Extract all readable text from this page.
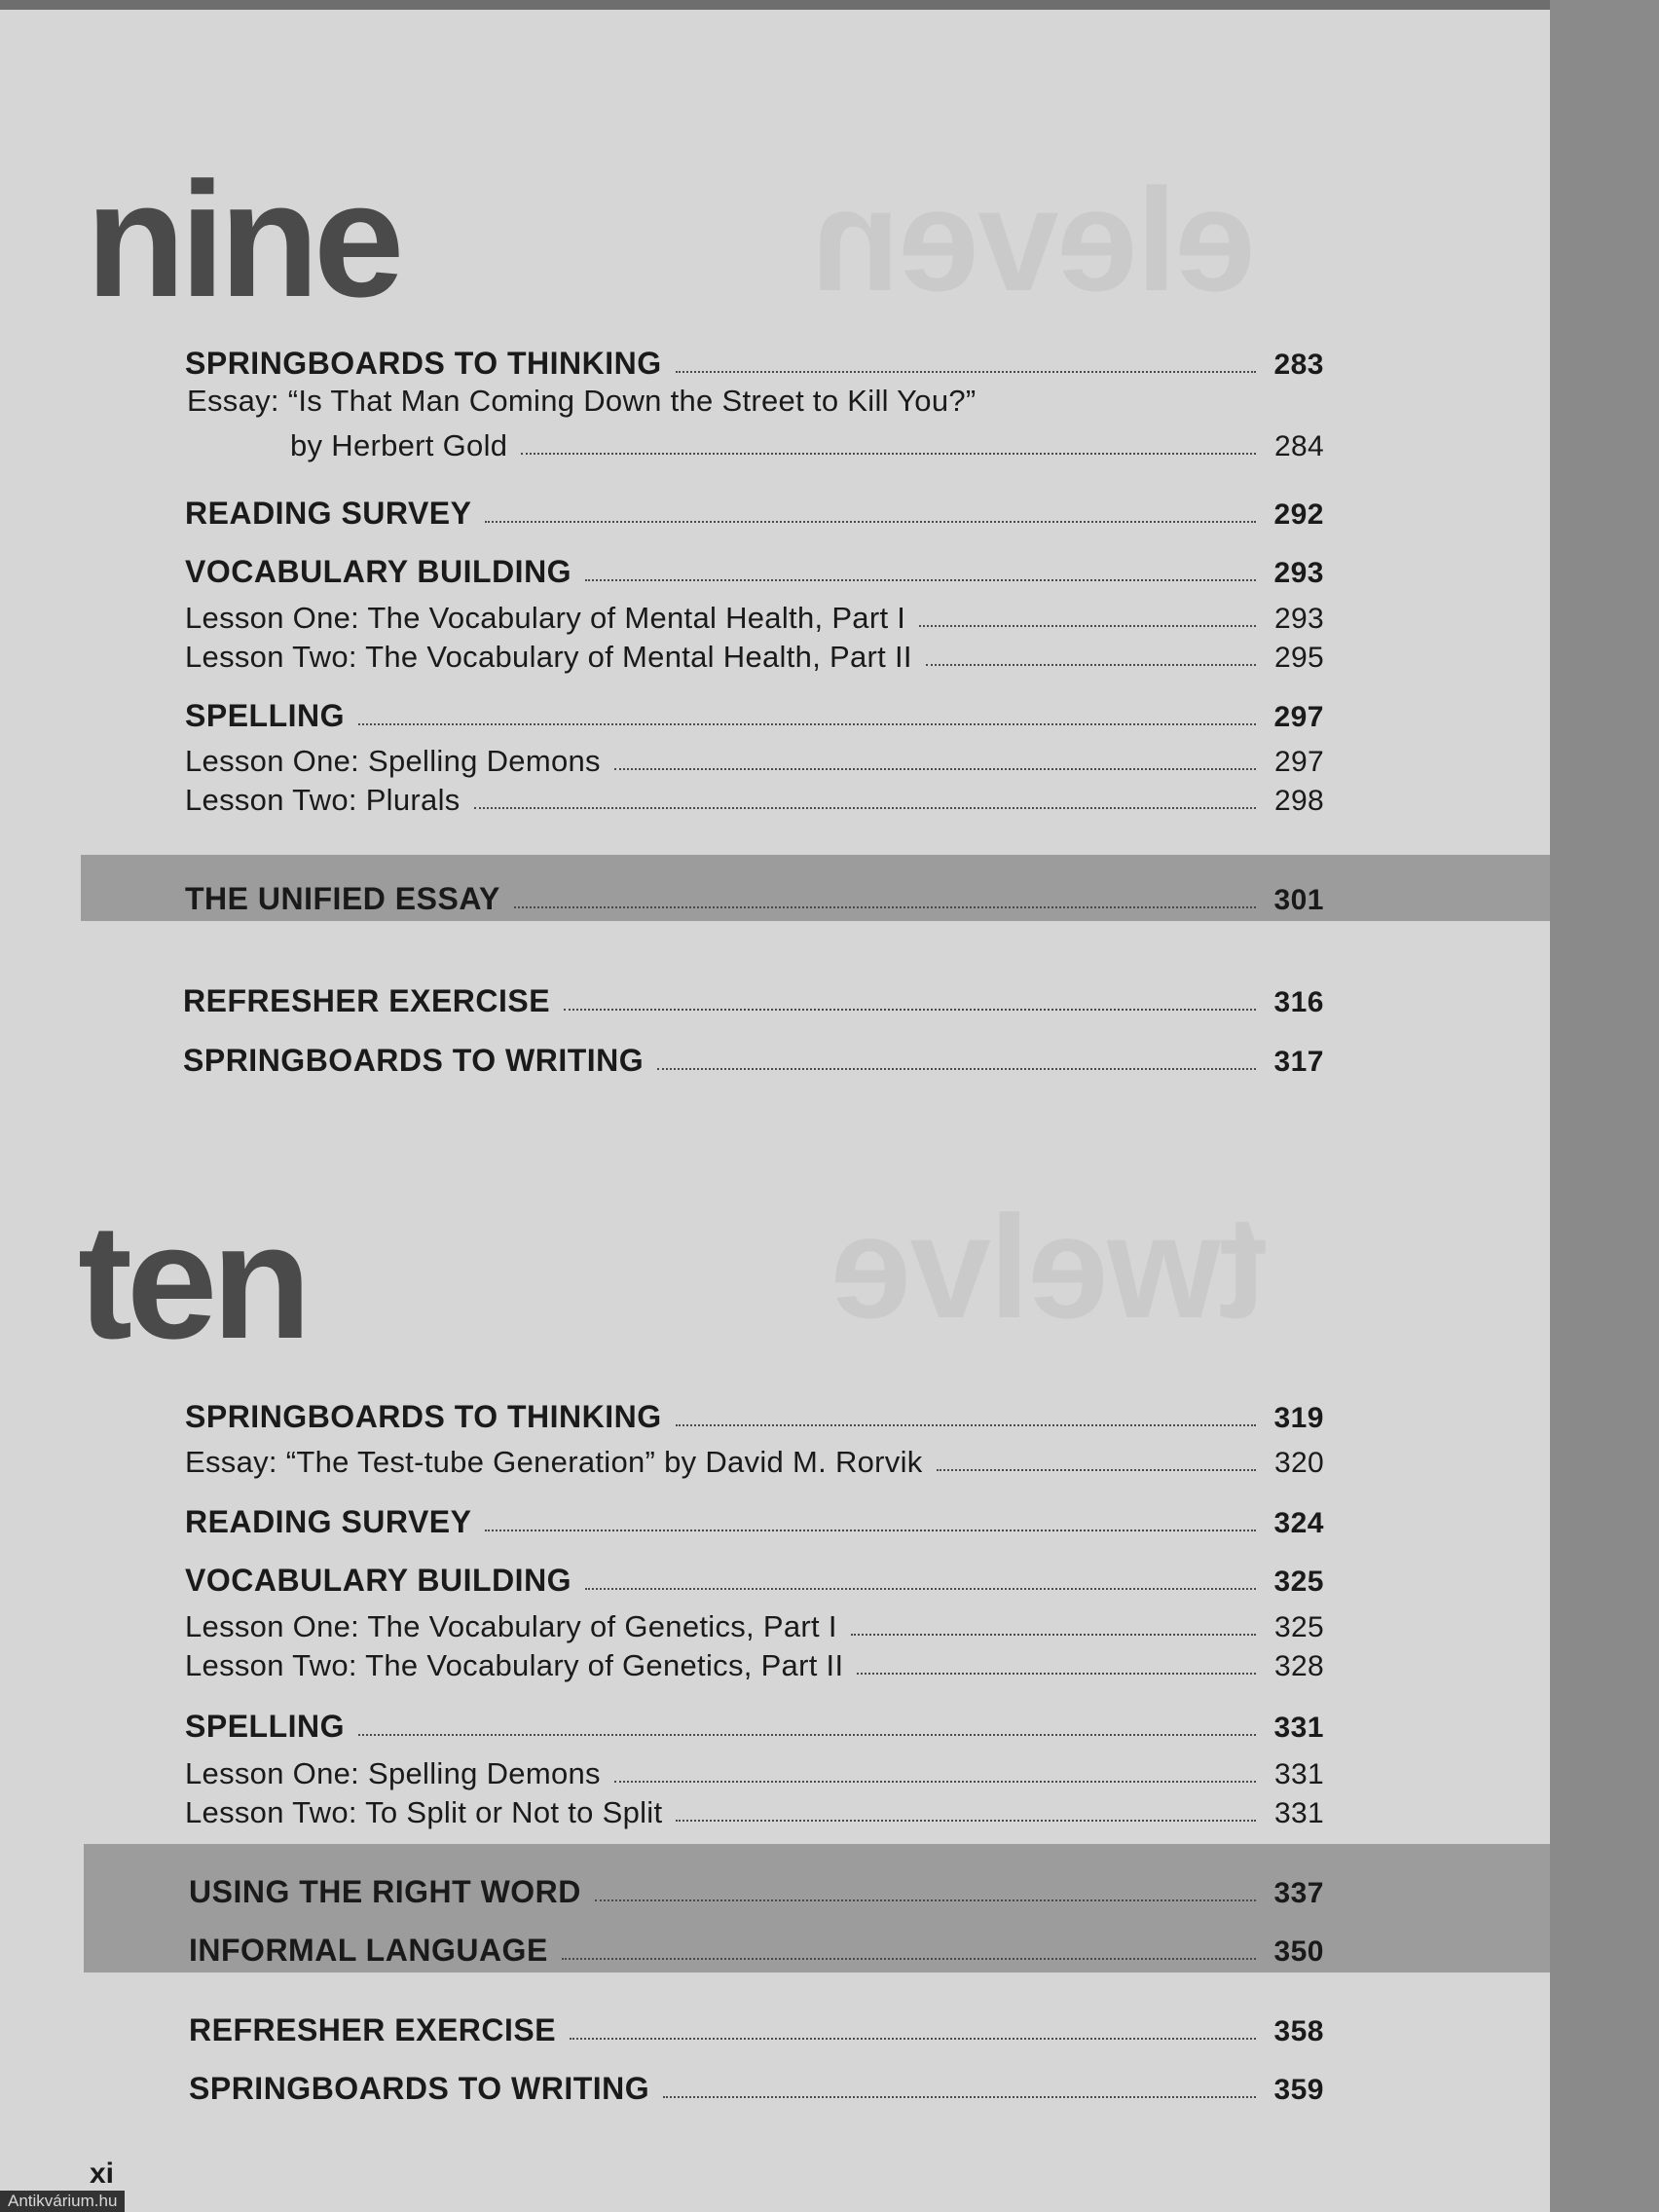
eleven
twelve
nine
SPRINGBOARDS TO THINKING	283
Essay: “Is That Man Coming Down the Street to Kill You?”
by Herbert Gold	284
READING SURVEY	292
VOCABULARY BUILDING	293
Lesson One: The Vocabulary of Mental Health, Part I	293
Lesson Two: The Vocabulary of Mental Health, Part II	295
SPELLING	297
Lesson One: Spelling Demons	297
Lesson Two: Plurals	298
THE UNIFIED ESSAY	301
REFRESHER EXERCISE	316
SPRINGBOARDS TO WRITING	317
ten
SPRINGBOARDS TO THINKING	319
Essay: “The Test-tube Generation” by David M. Rorvik	320
READING SURVEY	324
VOCABULARY BUILDING	325
Lesson One: The Vocabulary of Genetics, Part I	325
Lesson Two: The Vocabulary of Genetics, Part II	328
SPELLING	331
Lesson One: Spelling Demons	331
Lesson Two: To Split or Not to Split	331
USING THE RIGHT WORD	337
INFORMAL LANGUAGE	350
REFRESHER EXERCISE	358
SPRINGBOARDS TO WRITING	359
xi
Antikvárium.hu
